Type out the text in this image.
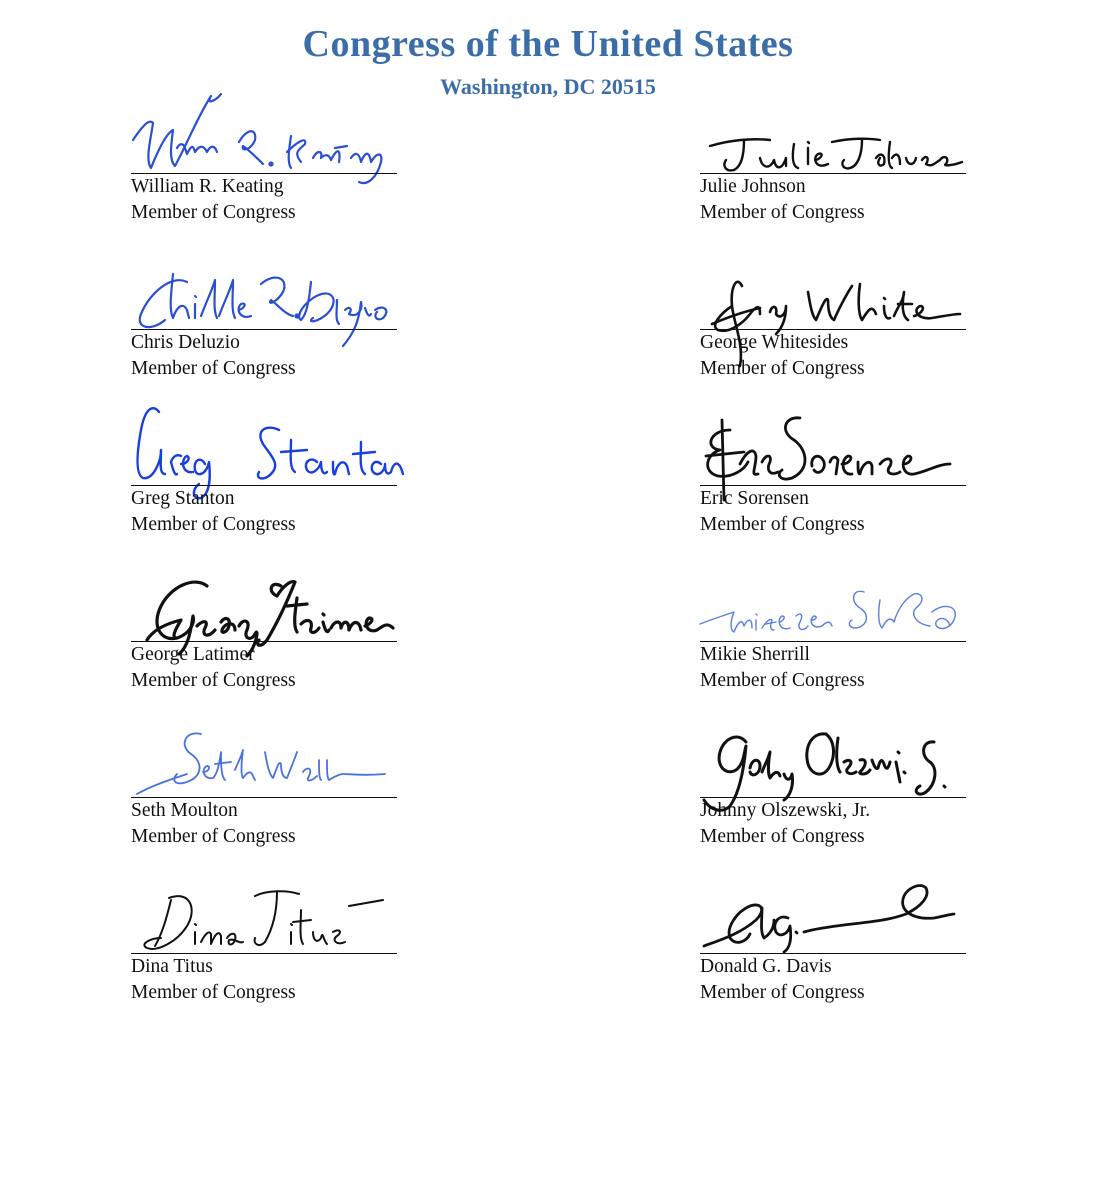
Congress of the United States
Washington, DC 20515
William R. Keating
Member of Congress
Julie Johnson
Member of Congress
Chris Deluzio
Member of Congress
George Whitesides
Member of Congress
Greg Stanton
Member of Congress
Eric Sorensen
Member of Congress
George Latimer
Member of Congress
Mikie Sherrill
Member of Congress
Seth Moulton
Member of Congress
Johnny Olszewski, Jr.
Member of Congress
Dina Titus
Member of Congress
Donald G. Davis
Member of Congress
